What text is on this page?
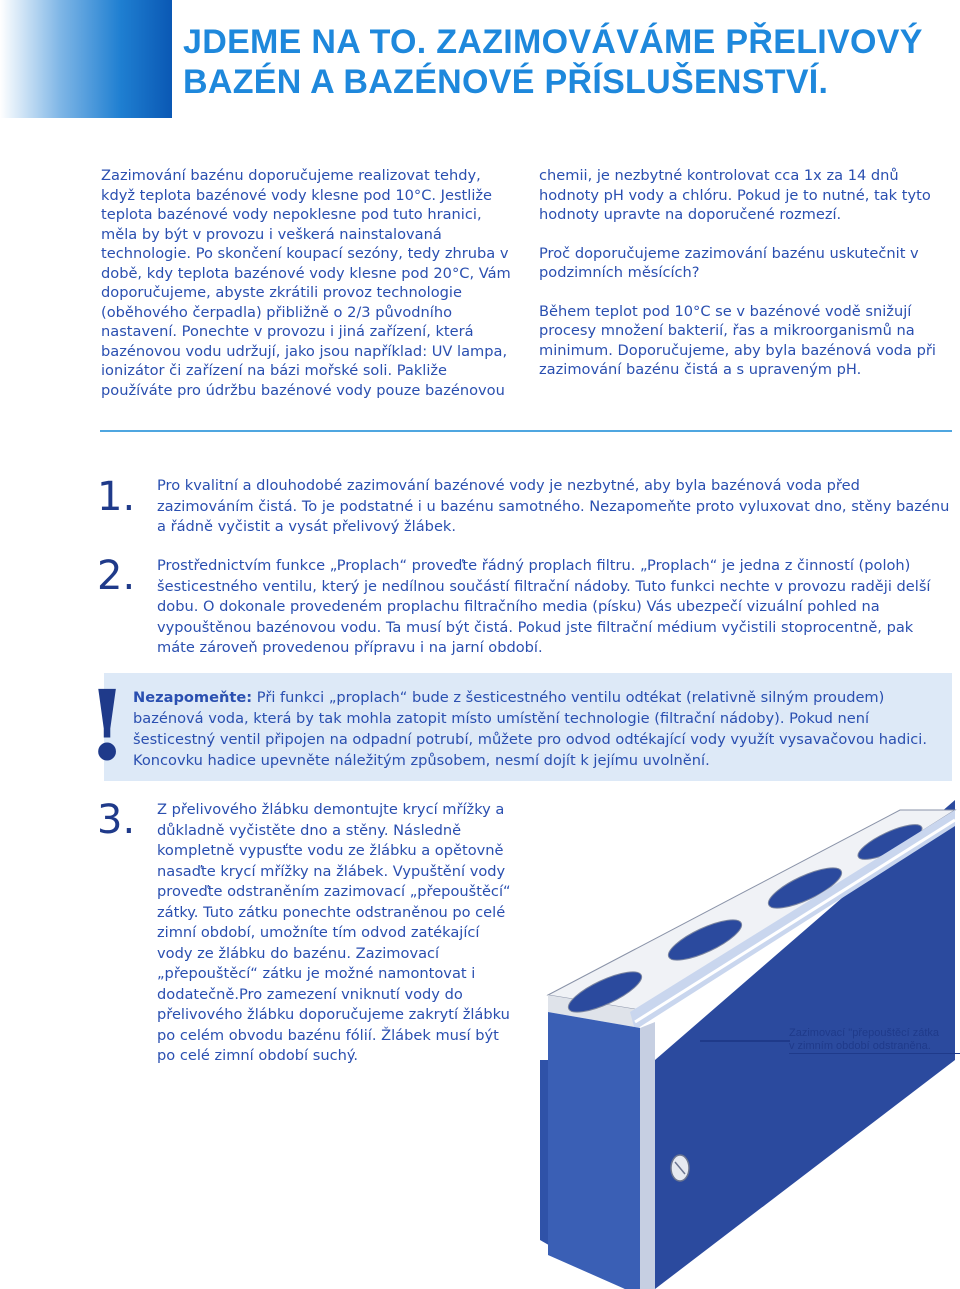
JDEME NA TO. ZAZIMOVÁVÁME PŘELIVOVÝ
BAZÉN A BAZÉNOVÉ PŘÍSLUŠENSTVÍ.

Zazimování bazénu doporučujeme realizovat tehdy, když teplota bazénové vody klesne pod 10°C. Jestliže teplota bazénové vody nepoklesne pod tuto hranici, měla by být v provozu i veškerá nainstalovaná technologie. Po skončení koupací sezóny, tedy zhruba v době, kdy teplota bazénové vody klesne pod 20°C, Vám doporučujeme, abyste zkrátili provoz technologie (oběhového čerpadla) přibližně o 2/3 původního nastavení. Ponechte v provozu i jiná zařízení, která bazénovou vodu udržují, jako jsou například: UV lampa, ionizátor či zařízení na bázi mořské soli. Pakliže používáte pro údržbu bazénové vody pouze bazénovou

chemii, je nezbytné kontrolovat cca 1x za 14 dnů hodnoty pH vody a chlóru. Pokud je to nutné, tak tyto hodnoty upravte na doporučené rozmezí.
Proč doporučujeme zazimování bazénu uskutečnit v podzimních měsících?
Během teplot pod 10°C se v bazénové vodě snižují procesy množení bakterií, řas a mikroorganismů na minimum. Doporučujeme, aby byla bazénová voda při zazimování bazénu čistá a s upraveným pH.
1. Pro kvalitní a dlouhodobé zazimování bazénové vody je nezbytné, aby byla bazénová voda před zazimováním čistá. To je podstatné i u bazénu samotného. Nezapomeňte proto vyluxovat dno, stěny bazénu a řádně vyčistit a vysát přelivový žlábek.

2. Prostřednictvím funkce „Proplach“ proveďte řádný proplach filtru. „Proplach“ je jedna z činností (poloh) šesticestného ventilu, který je nedílnou součástí filtrační nádoby. Tuto funkci nechte v provozu raději delší dobu. O dokonale provedeném proplachu filtračního media (písku) Vás ubezpečí vizuální pohled na vypouštěnou bazénovou vodu. Ta musí být čistá. Pokud jste filtrační médium vyčistili stoprocentně, pak máte zároveň provedenou přípravu i na jarní období.

! Nezapomeňte: Při funkci „proplach“ bude z šesticestného ventilu odtékat (relativně silným proudem) bazénová voda, která by tak mohla zatopit místo umístění technologie (filtrační nádoby). Pokud není šesticestný ventil připojen na odpadní potrubí, můžete pro odvod odtékající vody využít vysavačovou hadici. Koncovku hadice upevněte náležitým způsobem, nesmí dojít k jejímu uvolnění.

3. Z přelivového žlábku demontujte krycí mřížky a důkladně vyčistěte dno a stěny. Následně kompletně vypusťte vodu ze žlábku a opětovně nasaďte krycí mřížky na žlábek. Vypuštění vody proveďte odstraněním zazimovací „přepouštěcí“ zátky. Tuto zátku ponechte odstraněnou po celé zimní období, umožníte tím odvod zatékající vody ze žlábku do bazénu. Zazimovací „přepouštěcí“ zátku je možné namontovat i dodatečně.Pro zamezení vniknutí vody do přelivového žlábku doporučujeme zakrytí žlábku po celém obvodu bazénu fólií. Žlábek musí být po celé zimní období suchý.

Zazimovací "přepouštěcí zátka
v zimním období odstraněna.
